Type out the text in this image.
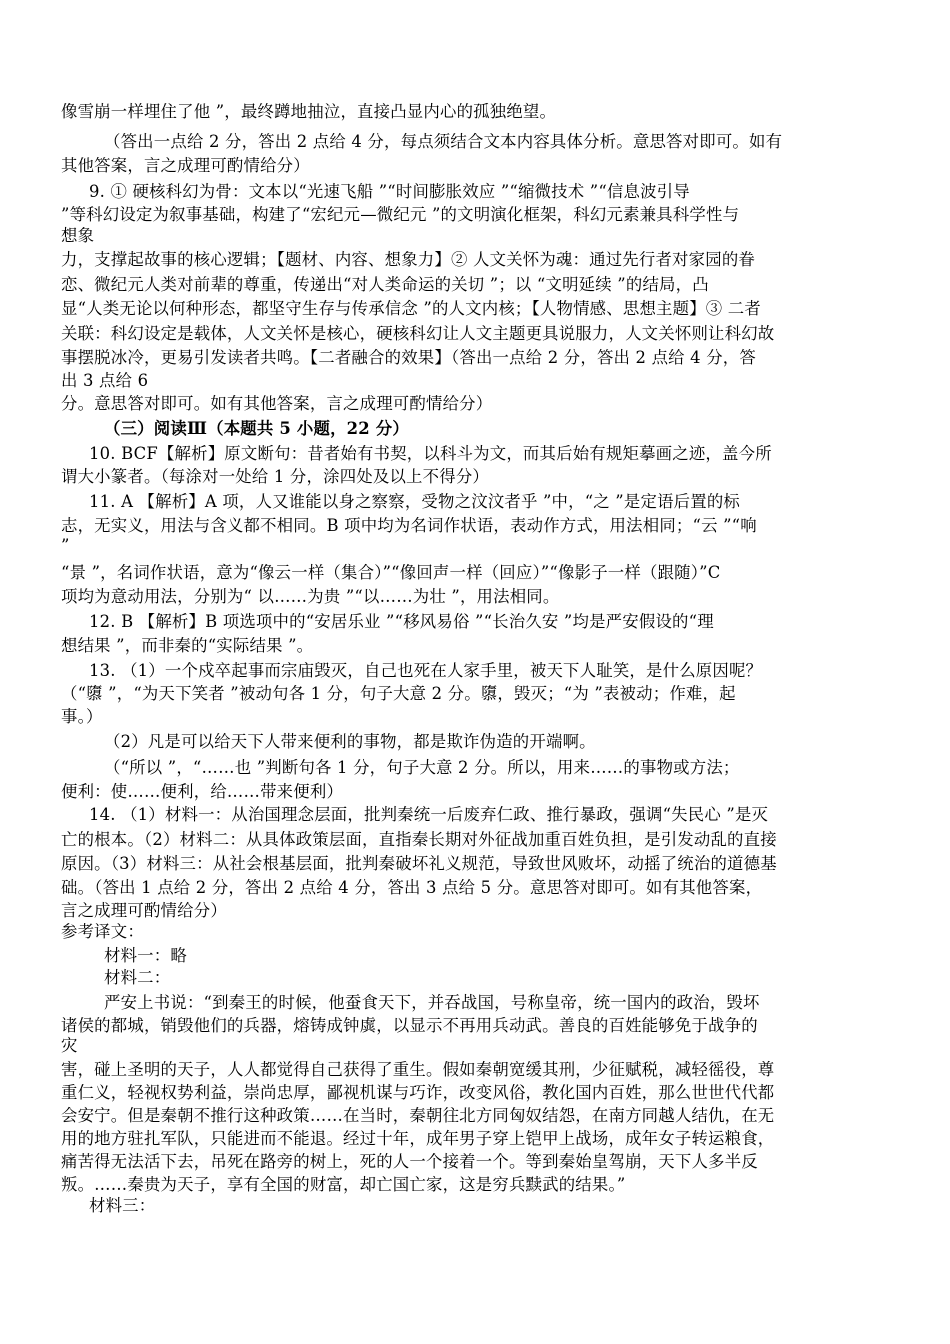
像雪崩一样埋住了他 ”，最终蹲地抽泣，直接凸显内心的孤独绝望。
（答出一点给 2 分，答出 2 点给 4 分，每点须结合文本内容具体分析。意思答对即可。如有
其他答案，言之成理可酌情给分）
9. ① 硬核科幻为骨：文本以“光速飞船 ”“时间膨胀效应 ”“缩微技术 ”“信息波引导
”等科幻设定为叙事基础，构建了“宏纪元—微纪元 ”的文明演化框架，科幻元素兼具科学性与
想象
力，支撑起故事的核心逻辑；【题材、内容、想象力】② 人文关怀为魂：通过先行者对家园的眷
恋、微纪元人类对前辈的尊重，传递出“对人类命运的关切 ”；以 “文明延续 ”的结局，凸
显“人类无论以何种形态，都坚守生存与传承信念 ”的人文内核；【人物情感、思想主题】③ 二者
关联：科幻设定是载体，人文关怀是核心，硬核科幻让人文主题更具说服力，人文关怀则让科幻故
事摆脱冰冷，更易引发读者共鸣。【二者融合的效果】（答出一点给 2 分，答出 2 点给 4 分，答
出 3 点给 6
分。意思答对即可。如有其他答案，言之成理可酌情给分）
（三）阅读Ⅲ（本题共 5 小题，22 分）
10. BCF【解析】原文断句：昔者始有书契，以科斗为文，而其后始有规矩摹画之迹，盖今所
谓大小篆者。（每涂对一处给 1 分，涂四处及以上不得分）
11. A 【解析】A 项，人又谁能以身之察察，受物之汶汶者乎 ”中，“之 ”是定语后置的标
志，无实义，用法与含义都不相同。B 项中均为名词作状语，表动作方式，用法相同；“云 ”“响
”
“景 ”，名词作状语，意为“像云一样（集合）”“像回声一样（回应）”“像影子一样（跟随）”C
项均为意动用法，分别为“ 以……为贵 ”“以……为壮 ”，用法相同。
12. B 【解析】B 项选项中的“安居乐业 ”“移风易俗 ”“长治久安 ”均是严安假设的“理
想结果 ”，而非秦的“实际结果 ”。
13. （1）一个戍卒起事而宗庙毁灭，自己也死在人家手里，被天下人耻笑，是什么原因呢？
（“隳 ”，“为天下笑者 ”被动句各 1 分，句子大意 2 分。隳，毁灭；“为 ”表被动；作难，起
事。）
（2）凡是可以给天下人带来便利的事物，都是欺诈伪造的开端啊。
（“所以 ”，“……也 ”判断句各 1 分，句子大意 2 分。所以，用来……的事物或方法；
便利：使……便利，给……带来便利）
14. （1）材料一：从治国理念层面，批判秦统一后废弃仁政、推行暴政，强调“失民心 ”是灭
亡的根本。（2）材料二：从具体政策层面，直指秦长期对外征战加重百姓负担，是引发动乱的直接
原因。（3）材料三：从社会根基层面，批判秦破坏礼义规范，导致世风败坏，动摇了统治的道德基
础。（答出 1 点给 2 分，答出 2 点给 4 分，答出 3 点给 5 分。意思答对即可。如有其他答案，
言之成理可酌情给分）
参考译文：
材料一：略
材料二：
严安上书说：“到秦王的时候，他蚕食天下，并吞战国，号称皇帝，统一国内的政治，毁坏
诸侯的都城，销毁他们的兵器，熔铸成钟虡，以显示不再用兵动武。善良的百姓能够免于战争的
灾
害，碰上圣明的天子，人人都觉得自己获得了重生。假如秦朝宽缓其刑，少征赋税，减轻徭役，尊
重仁义，轻视权势利益，崇尚忠厚，鄙视机谋与巧诈，改变风俗，教化国内百姓，那么世世代代都
会安宁。但是秦朝不推行这种政策……在当时，秦朝往北方同匈奴结怨，在南方同越人结仇，在无
用的地方驻扎军队，只能进而不能退。经过十年，成年男子穿上铠甲上战场，成年女子转运粮食，
痛苦得无法活下去，吊死在路旁的树上，死的人一个接着一个。等到秦始皇驾崩，天下人多半反
叛。……秦贵为天子，享有全国的财富，却亡国亡家，这是穷兵黩武的结果。”
材料三：
